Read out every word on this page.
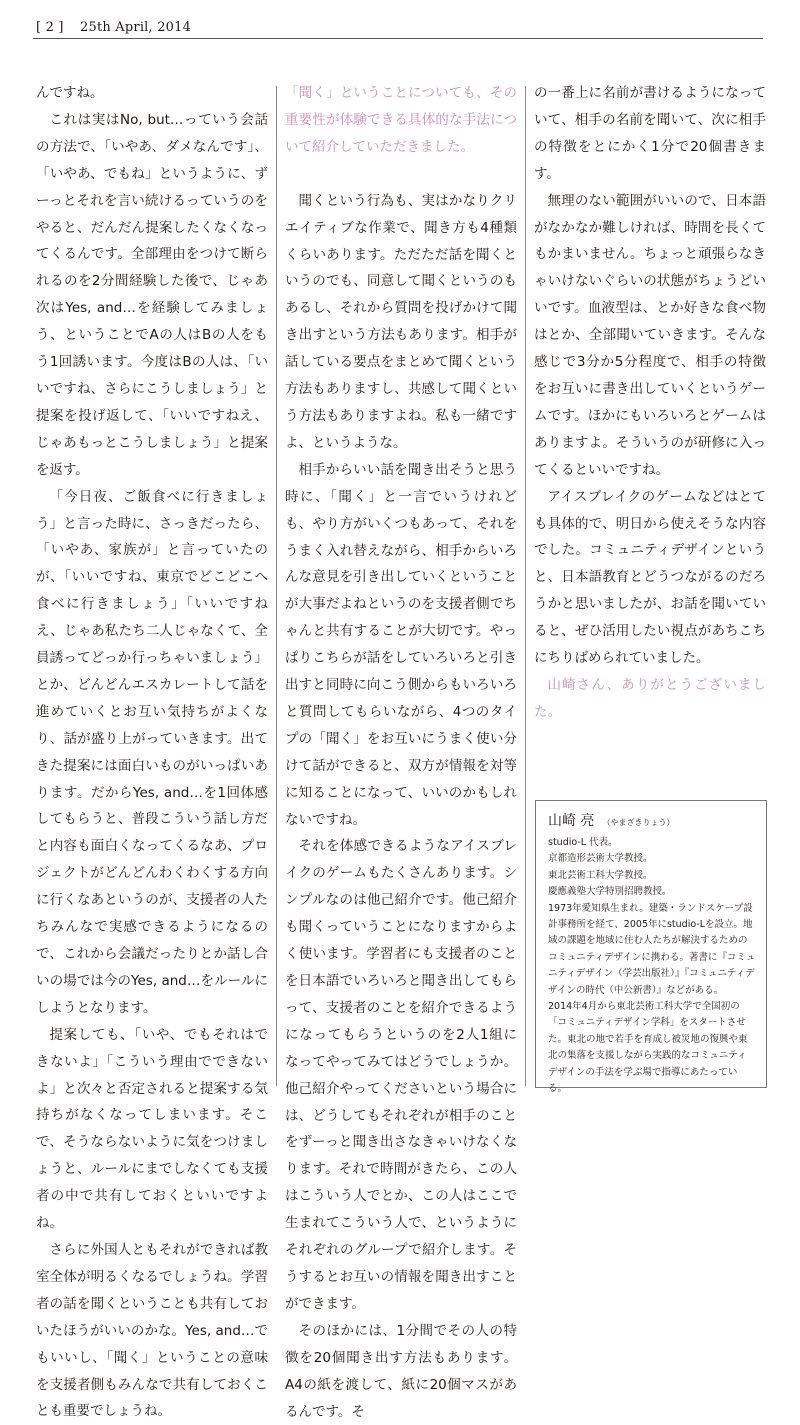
[ 2 ] 25th April, 2014

んですね。

これは実はNo, but…っていう会話の方法で、「いやあ、ダメなんです」、「いやあ、でもね」というように、ずーっとそれを言い続けるっていうのをやると、だんだん提案したくなくなってくるんです。全部理由をつけて断られるのを2分間経験した後で、じゃあ次はYes, and…を経験してみましょう、ということでAの人はBの人をもう1回誘います。今度はBの人は、「いいですね、さらにこうしましょう」と提案を投げ返して、「いいですねえ、じゃあもっとこうしましょう」と提案を返す。

「今日夜、ご飯食べに行きましょう」と言った時に、さっきだったら、「いやあ、家族が」と言っていたのが、「いいですね、東京でどこどこへ食べに行きましょう」「いいですねえ、じゃあ私たち二人じゃなくて、全員誘ってどっか行っちゃいましょう」とか、どんどんエスカレートして話を進めていくとお互い気持ちがよくなり、話が盛り上がっていきます。出てきた提案には面白いものがいっぱいあります。だからYes, and…を1回体感してもらうと、普段こういう話し方だと内容も面白くなってくるなあ、プロジェクトがどんどんわくわくする方向に行くなあというのが、支援者の人たちみんなで実感できるようになるので、これから会議だったりとか話し合いの場では今のYes, and…をルールにしようとなります。

提案しても、「いや、でもそれはできないよ」「こういう理由でできないよ」と次々と否定されると提案する気持ちがなくなってしまいます。そこで、そうならないように気をつけましょうと、ルールにまでしなくても支援者の中で共有しておくといいですよね。

さらに外国人ともそれができれば教室全体が明るくなるでしょうね。学習者の話を聞くということも共有しておいたほうがいいのかな。Yes, and…でもいいし、「聞く」ということの意味を支援者側もみんなで共有しておくことも重要でしょうね。

「聞く」ということについても、その重要性が体験できる具体的な手法について紹介していただきました。

聞くという行為も、実はかなりクリエイティブな作業で、聞き方も4種類くらいあります。ただただ話を聞くというのでも、同意して聞くというのもあるし、それから質問を投げかけて聞き出すという方法もあります。相手が話している要点をまとめて聞くという方法もありますし、共感して聞くという方法もありますよね。私も一緒ですよ、というような。

相手からいい話を聞き出そうと思う時に、「聞く」と一言でいうけれども、やり方がいくつもあって、それをうまく入れ替えながら、相手からいろんな意見を引き出していくということが大事だよねというのを支援者側でちゃんと共有することが大切です。やっぱりこちらが話をしていろいろと引き出すと同時に向こう側からもいろいろと質問してもらいながら、4つのタイプの「聞く」をお互いにうまく使い分けて話ができると、双方が情報を対等に知ることになって、いいのかもしれないですね。

それを体感できるようなアイスブレイクのゲームもたくさんあります。シンプルなのは他己紹介です。他己紹介も聞くっていうことになりますからよく使います。学習者にも支援者のことを日本語でいろいろと聞き出してもらって、支援者のことを紹介できるようになってもらうというのを2人1組になってやってみてはどうでしょうか。他己紹介やってくださいという場合には、どうしてもそれぞれが相手のことをずーっと聞き出さなきゃいけなくなります。それで時間がきたら、この人はこういう人でとか、この人はここで生まれてこういう人で、というようにそれぞれのグループで紹介します。そうするとお互いの情報を聞き出すことができます。

そのほかには、1分間でその人の特徴を20個聞き出す方法もあります。A4の紙を渡して、紙に20個マスがあるんです。そ

の一番上に名前が書けるようになっていて、相手の名前を聞いて、次に相手の特徴をとにかく1分で20個書きます。

無理のない範囲がいいので、日本語がなかなか難しければ、時間を長くてもかまいません。ちょっと頑張らなきゃいけないぐらいの状態がちょうどいいです。血液型は、とか好きな食べ物はとか、全部聞いていきます。そんな感じで3分か5分程度で、相手の特徴をお互いに書き出していくというゲームです。ほかにもいろいろとゲームはありますよ。そういうのが研修に入ってくるといいですね。

アイスブレイクのゲームなどはとても具体的で、明日から使えそうな内容でした。コミュニティデザインというと、日本語教育とどうつながるのだろうかと思いましたが、お話を聞いていると、ぜひ活用したい視点があちこちにちりばめられていました。

山崎さん、ありがとうございました。

山崎 亮 （やまざきりょう）

studio-L 代表。

京都造形芸術大学教授。

東北芸術工科大学教授。

慶應義塾大学特別招聘教授。

1973年愛知県生まれ。建築・ランドスケープ設計事務所を経て、2005年にstudio-Lを設立。地域の課題を地域に住む人たちが解決するためのコミュニティデザインに携わる。著書に『コミュニティデザイン（学芸出版社）』『コミュニティデザインの時代（中公新書）』などがある。

2014年4月から東北芸術工科大学で全国初の「コミュニティデザイン学科」をスタートさせた。東北の地で若手を育成し被災地の復興や東北の集落を支援しながら実践的なコミュニティデザインの手法を学ぶ場で指導にあたっている。
